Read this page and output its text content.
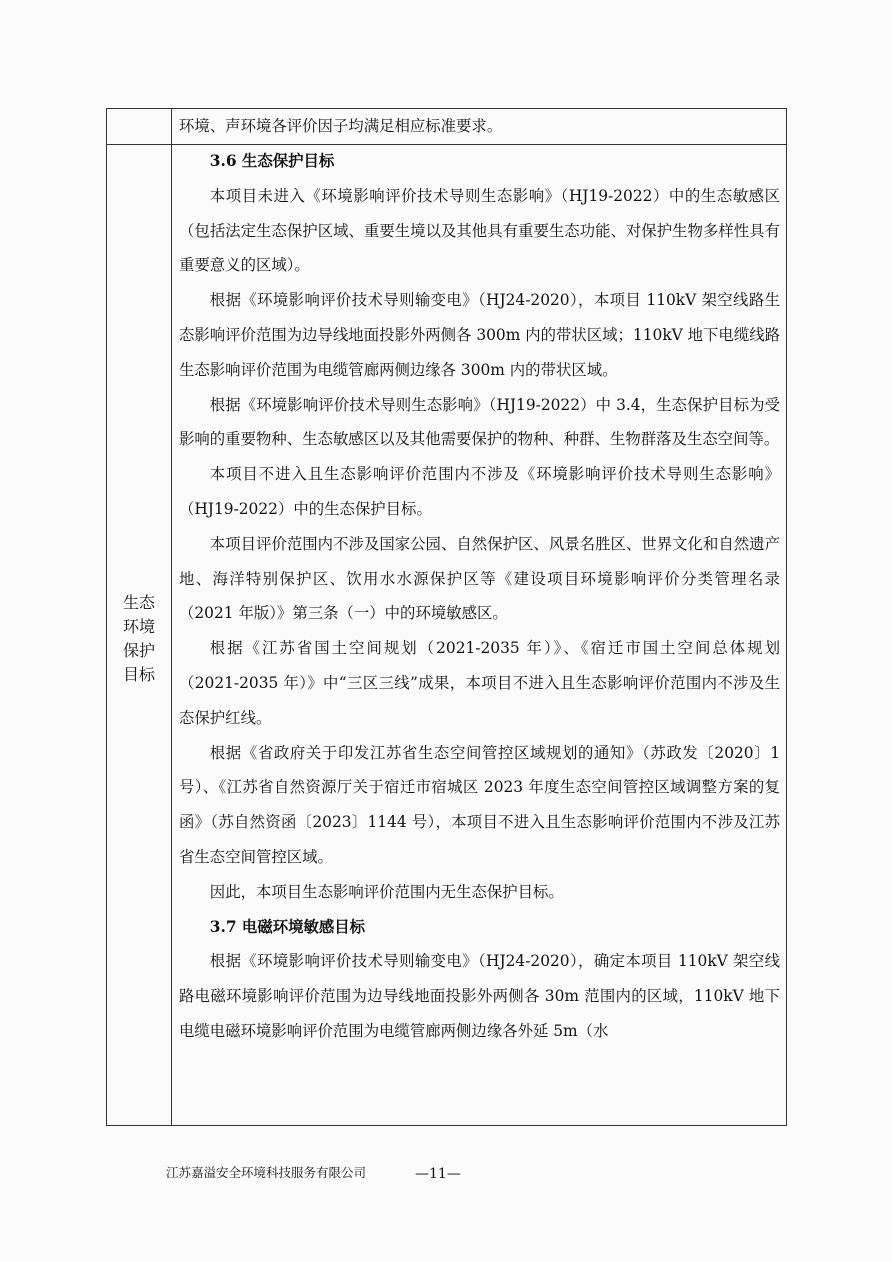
生态
环境
保护
目标

环境、声环境各评价因子均满足相应标准要求。

3.6 生态保护目标

本项目未进入《环境影响评价技术导则生态影响》（HJ19-2022）中的生态敏感区（包括法定生态保护区域、重要生境以及其他具有重要生态功能、对保护生物多样性具有重要意义的区域）。

根据《环境影响评价技术导则输变电》（HJ24-2020），本项目 110kV 架空线路生态影响评价范围为边导线地面投影外两侧各 300m 内的带状区域；110kV 地下电缆线路生态影响评价范围为电缆管廊两侧边缘各 300m 内的带状区域。

根据《环境影响评价技术导则生态影响》（HJ19-2022）中 3.4，生态保护目标为受影响的重要物种、生态敏感区以及其他需要保护的物种、种群、生物群落及生态空间等。

本项目不进入且生态影响评价范围内不涉及《环境影响评价技术导则生态影响》（HJ19-2022）中的生态保护目标。

本项目评价范围内不涉及国家公园、自然保护区、风景名胜区、世界文化和自然遗产地、海洋特别保护区、饮用水水源保护区等《建设项目环境影响评价分类管理名录（2021 年版）》第三条（一）中的环境敏感区。

根据《江苏省国土空间规划（2021-2035 年）》、《宿迁市国土空间总体规划（2021-2035 年）》中“三区三线”成果，本项目不进入且生态影响评价范围内不涉及生态保护红线。

根据《省政府关于印发江苏省生态空间管控区域规划的通知》（苏政发〔2020〕1 号）、《江苏省自然资源厅关于宿迁市宿城区 2023 年度生态空间管控区域调整方案的复函》（苏自然资函〔2023〕1144 号），本项目不进入且生态影响评价范围内不涉及江苏省生态空间管控区域。

因此，本项目生态影响评价范围内无生态保护目标。

3.7 电磁环境敏感目标

根据《环境影响评价技术导则输变电》（HJ24-2020），确定本项目 110kV 架空线路电磁环境影响评价范围为边导线地面投影外两侧各 30m 范围内的区域，110kV 地下电缆电磁环境影响评价范围为电缆管廊两侧边缘各外延 5m（水

江苏嘉溢安全环境科技服务有限公司	—11—
